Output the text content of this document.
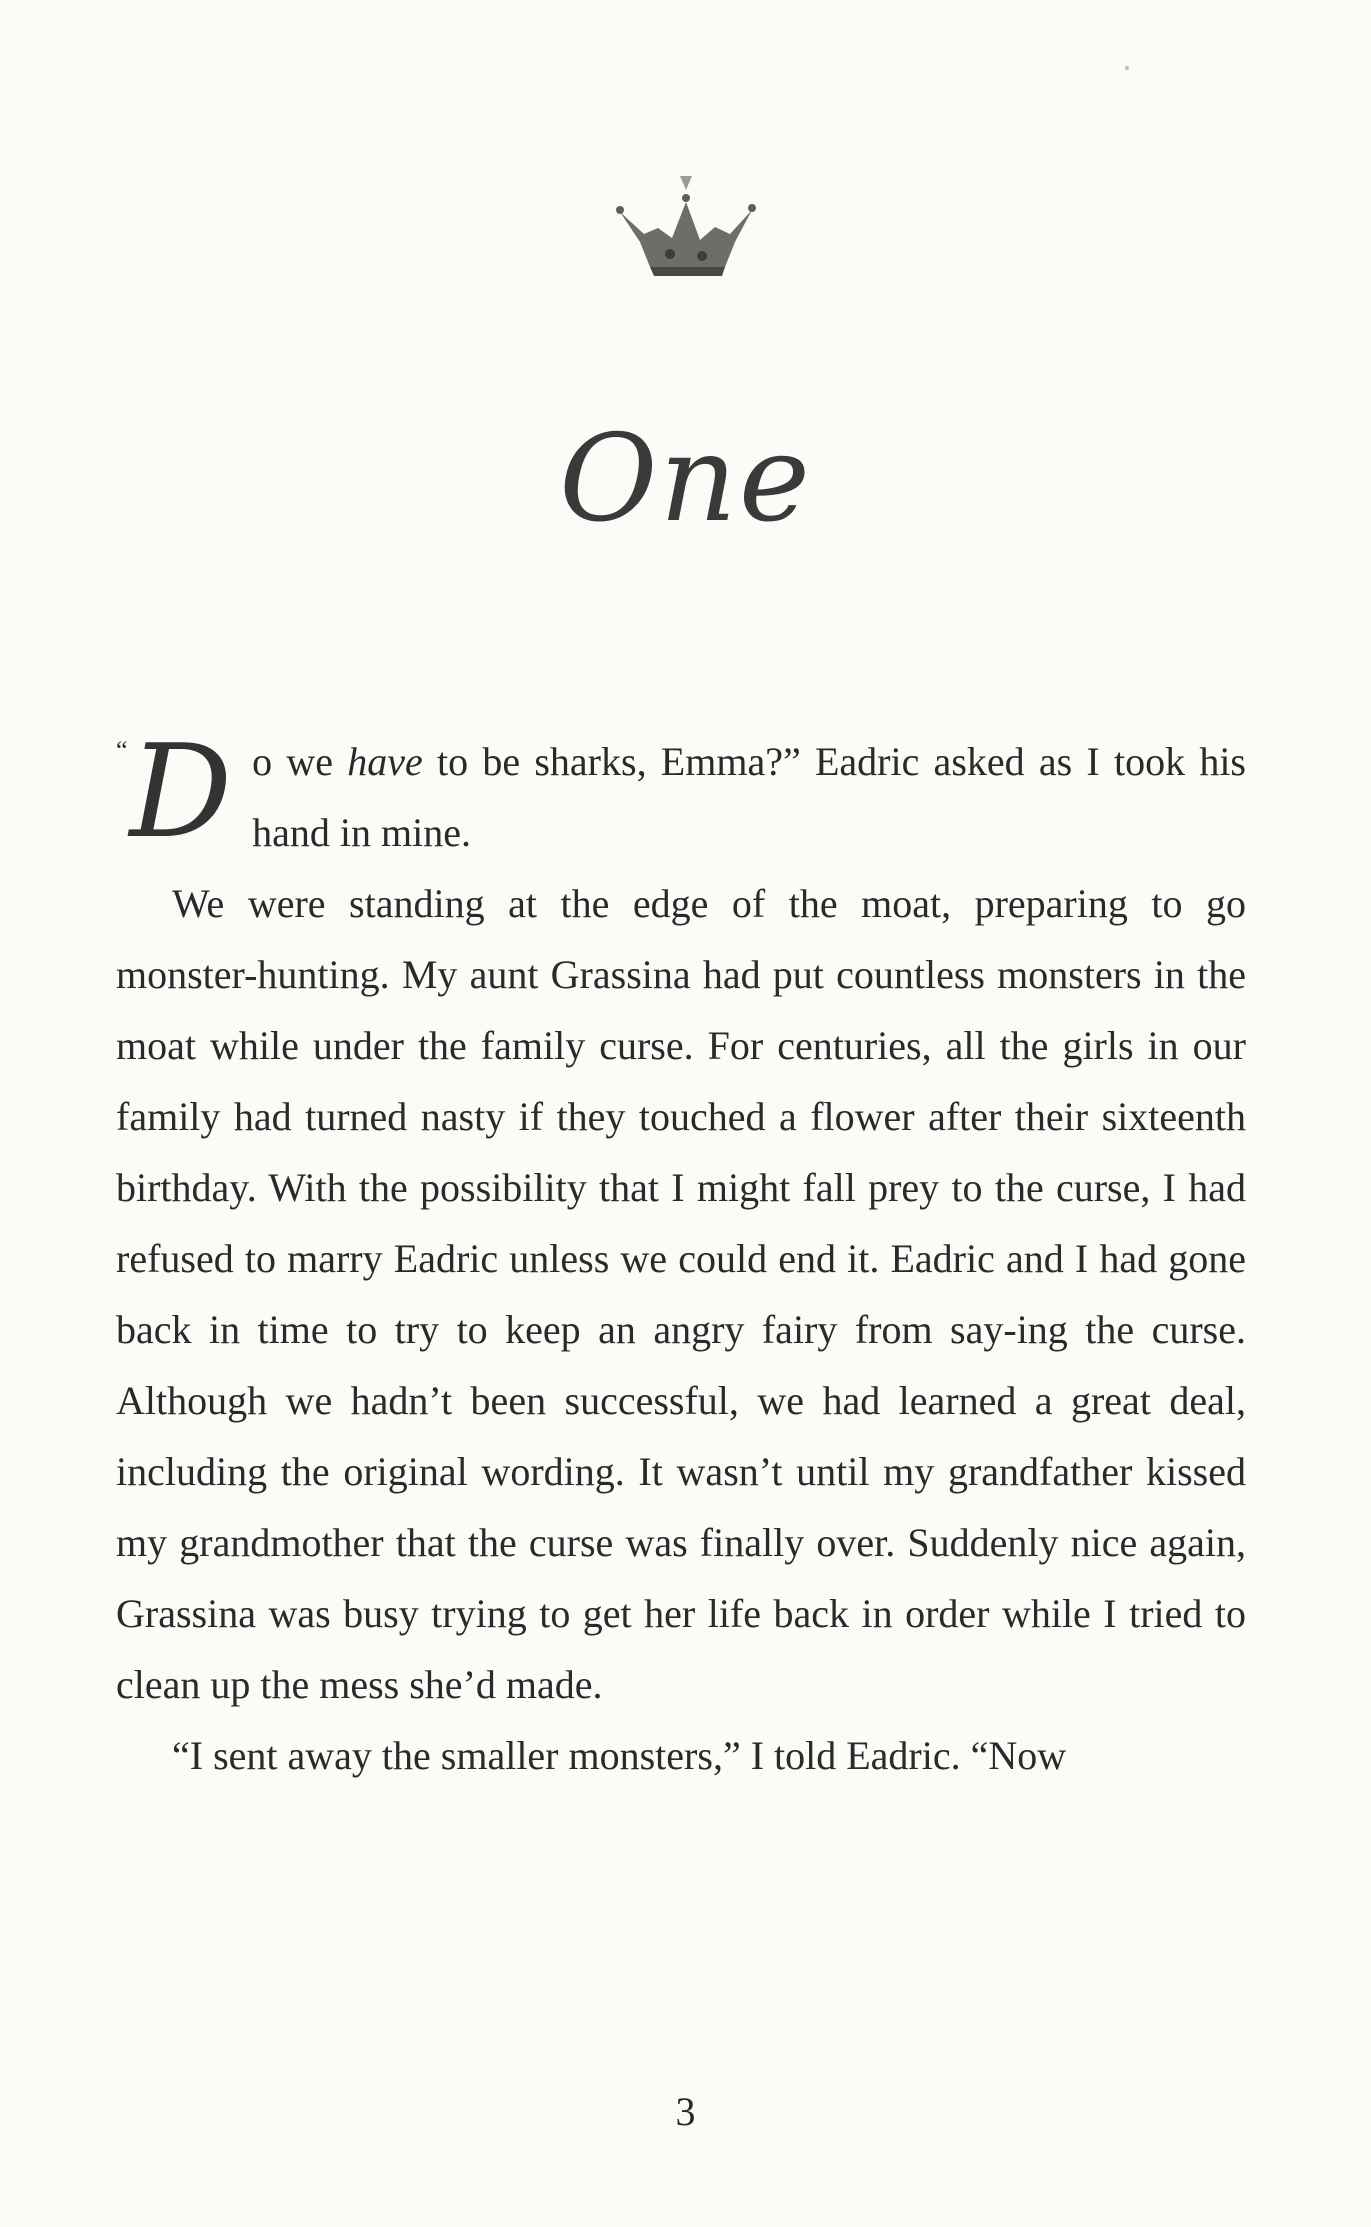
One

“ D o we have to be sharks, Emma?” Eadric asked as I took his hand in mine.

We were standing at the edge of the moat, preparing to go monster-hunting. My aunt Grassina had put countless monsters in the moat while under the family curse. For centuries, all the girls in our family had turned nasty if they touched a flower after their sixteenth birthday. With the possibility that I might fall prey to the curse, I had refused to marry Eadric unless we could end it. Eadric and I had gone back in time to try to keep an angry fairy from say-ing the curse. Although we hadn’t been successful, we had learned a great deal, including the original wording. It wasn’t until my grandfather kissed my grandmother that the curse was finally over. Suddenly nice again, Grassina was busy trying to get her life back in order while I tried to clean up the mess she’d made.

“I sent away the smaller monsters,” I told Eadric. “Now

3
